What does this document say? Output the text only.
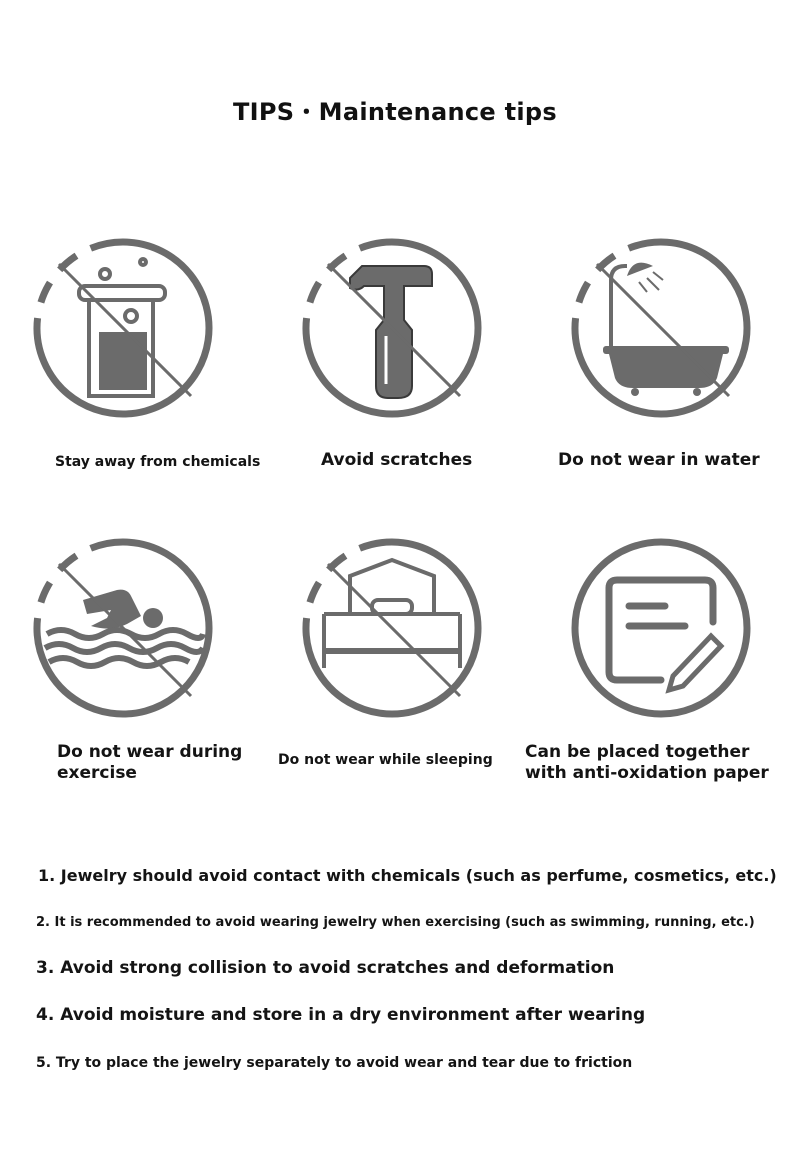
TIPS・Maintenance tips
Stay away from chemicals	Avoid scratches	Do not wear in water
Do not wear during exercise
Do not wear while sleeping Can be placed together with anti-oxidation paper
1. Jewelry should avoid contact with chemicals (such as perfume, cosmetics, etc.)
2. It is recommended to avoid wearing jewelry when exercising (such as swimming, running, etc.)
3. Avoid strong collision to avoid scratches and deformation
4. Avoid moisture and store in a dry environment after wearing
5. Try to place the jewelry separately to avoid wear and tear due to friction
